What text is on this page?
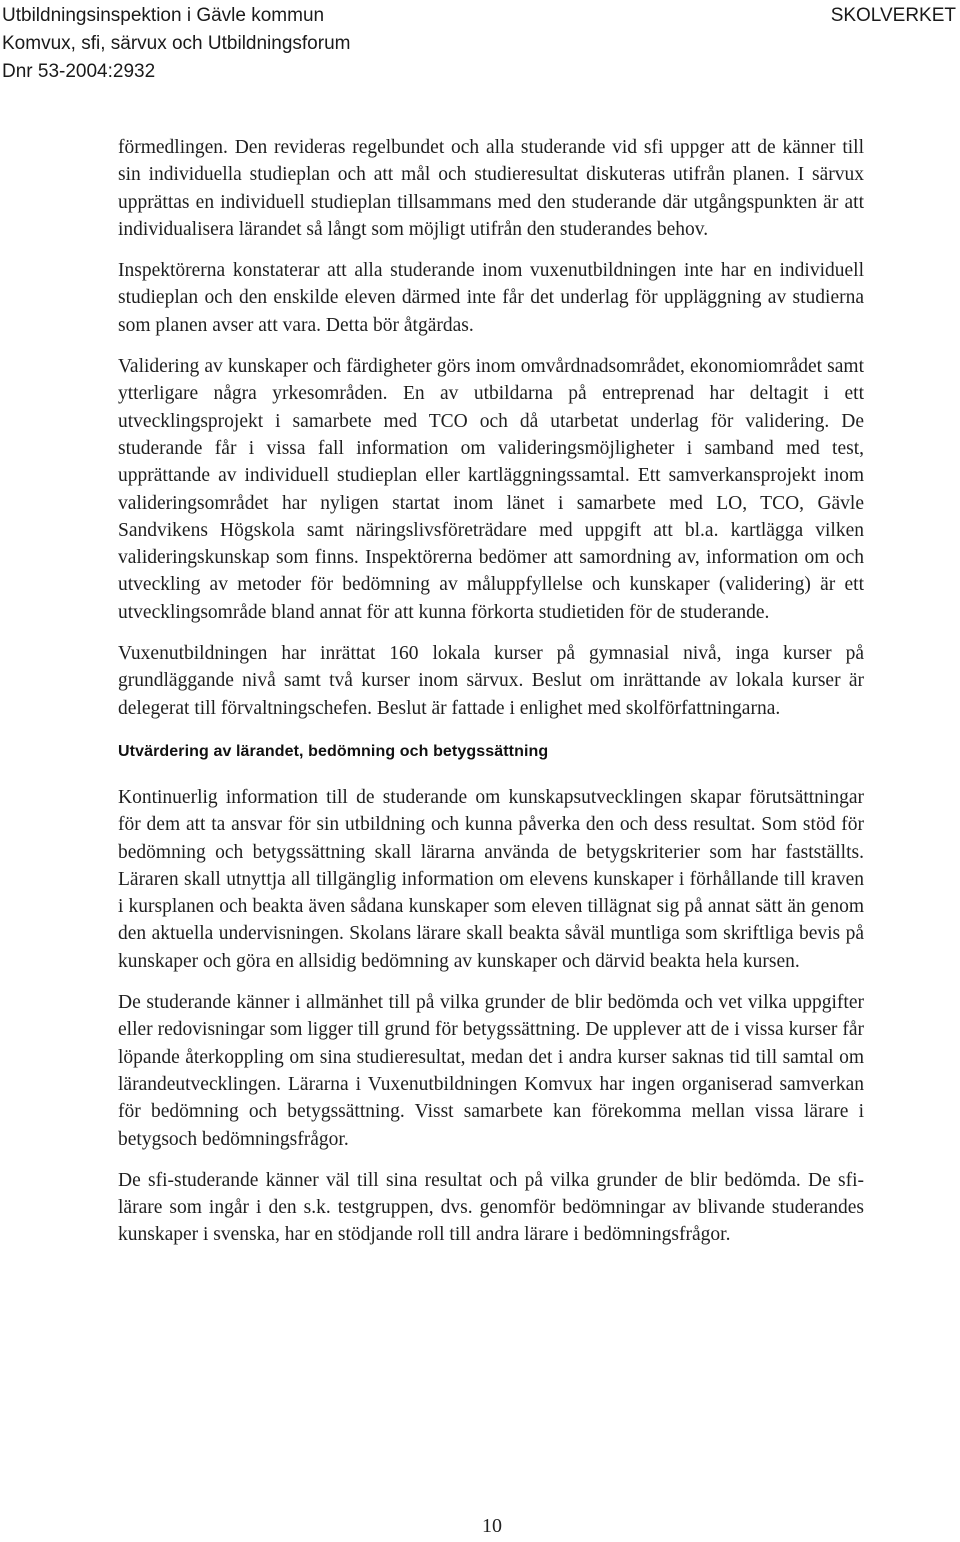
Utbildningsinspektion i Gävle kommun
Komvux, sfi, särvux och Utbildningsforum
Dnr 53-2004:2932
SKOLVERKET

förmedlingen. Den revideras regelbundet och alla studerande vid sfi uppger att de känner till sin individuella studieplan och att mål och studieresultat diskuteras utifrån planen. I särvux upprättas en individuell studieplan tillsammans med den studerande där utgångspunkten är att individualisera lärandet så långt som möjligt utifrån den studerandes behov.

Inspektörerna konstaterar att alla studerande inom vuxenutbildningen inte har en individuell studieplan och den enskilde eleven därmed inte får det underlag för uppläggning av studierna som planen avser att vara. Detta bör åtgärdas.

Validering av kunskaper och färdigheter görs inom omvårdnadsområdet, ekonomiområdet samt ytterligare några yrkesområden. En av utbildarna på entreprenad har deltagit i ett utvecklingsprojekt i samarbete med TCO och då utarbetat underlag för validering. De studerande får i vissa fall information om valideringsmöjligheter i samband med test, upprättande av individuell studieplan eller kartläggningssamtal. Ett samverkansprojekt inom valideringsområdet har nyligen startat inom länet i samarbete med LO, TCO, Gävle Sandvikens Högskola samt näringslivsföreträdare med uppgift att bl.a. kartlägga vilken valideringskunskap som finns. Inspektörerna bedömer att samordning av, information om och utveckling av metoder för bedömning av måluppfyllelse och kunskaper (validering) är ett utvecklingsområde bland annat för att kunna förkorta studietiden för de studerande.

Vuxenutbildningen har inrättat 160 lokala kurser på gymnasial nivå, inga kurser på grundläggande nivå samt två kurser inom särvux. Beslut om inrättande av lokala kurser är delegerat till förvaltningschefen. Beslut är fattade i enlighet med skolförfattningarna.

Utvärdering av lärandet, bedömning och betygssättning

Kontinuerlig information till de studerande om kunskapsutvecklingen skapar förutsättningar för dem att ta ansvar för sin utbildning och kunna påverka den och dess resultat. Som stöd för bedömning och betygssättning skall lärarna använda de betygskriterier som har fastställts. Läraren skall utnyttja all tillgänglig information om elevens kunskaper i förhållande till kraven i kursplanen och beakta även sådana kunskaper som eleven tillägnat sig på annat sätt än genom den aktuella undervisningen. Skolans lärare skall beakta såväl muntliga som skriftliga bevis på kunskaper och göra en allsidig bedömning av kunskaper och därvid beakta hela kursen.

De studerande känner i allmänhet till på vilka grunder de blir bedömda och vet vilka uppgifter eller redovisningar som ligger till grund för betygssättning. De upplever att de i vissa kurser får löpande återkoppling om sina studieresultat, medan det i andra kurser saknas tid till samtal om lärandeutvecklingen. Lärarna i Vuxenutbildningen Komvux har ingen organiserad samverkan för bedömning och betygssättning. Visst samarbete kan förekomma mellan vissa lärare i betygsoch bedömningsfrågor.

De sfi-studerande känner väl till sina resultat och på vilka grunder de blir bedömda. De sfi-lärare som ingår i den s.k. testgruppen, dvs. genomför bedömningar av blivande studerandes kunskaper i svenska, har en stödjande roll till andra lärare i bedömningsfrågor.

10
